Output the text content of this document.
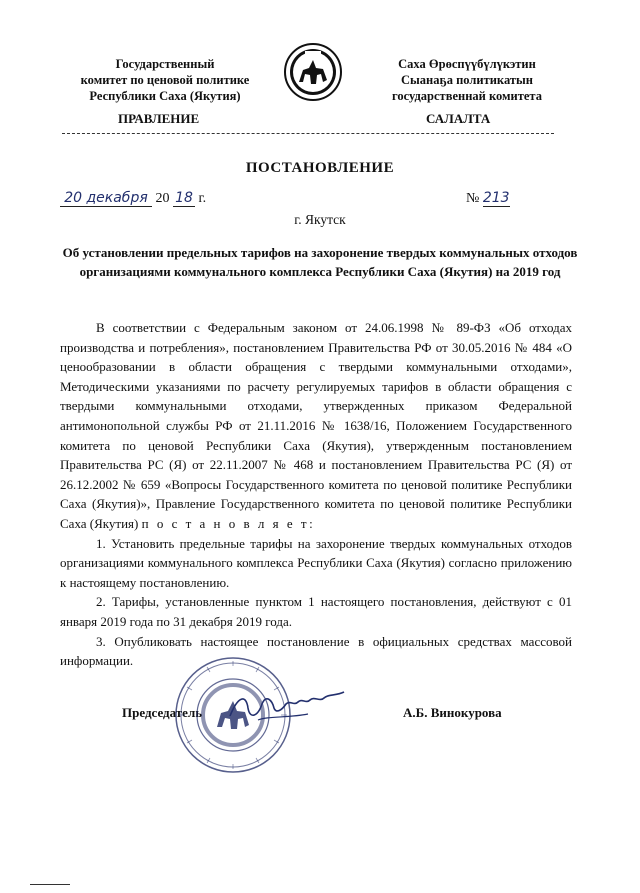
Государственный
комитет по ценовой политике
Республики Саха (Якутия)
Саха Өрөспүүбүлүкэтин
Сыанаҕа политикатын
государственнай комитета
ПРАВЛЕНИЕ	САЛАЛТА
ПОСТАНОВЛЕНИЕ
20 декабря 20 18 г.	№ 213
г. Якутск
Об установлении предельных тарифов на захоронение твердых коммунальных отходов организациями коммунального комплекса Республики Саха (Якутия) на 2019 год

В соответствии с Федеральным законом от 24.06.1998 № 89-ФЗ «Об отходах производства и потребления», постановлением Правительства РФ от 30.05.2016 № 484 «О ценообразовании в области обращения с твердыми коммунальными отходами», Методическими указаниями по расчету регулируемых тарифов в области обращения с твердыми коммунальными отходами, утвержденных приказом Федеральной антимонопольной службы РФ от 21.11.2016 № 1638/16, Положением Государственного комитета по ценовой Республики Саха (Якутия), утвержденным постановлением Правительства РС (Я) от 22.11.2007 № 468 и постановлением Правительства РС (Я) от 26.12.2002 № 659 «Вопросы Государственного комитета по ценовой политике Республики Саха (Якутия)», Правление Государственного комитета по ценовой политике Республики Саха (Якутия) п о с т а н о в л я е т:

1. Установить предельные тарифы на захоронение твердых коммунальных отходов организациями коммунального комплекса Республики Саха (Якутия) согласно приложению к настоящему постановлению.

2. Тарифы, установленные пунктом 1 настоящего постановления, действуют с 01 января 2019 года по 31 декабря 2019 года.

3. Опубликовать настоящее постановление в официальных средствах массовой информации.

Председатель	А.Б. Винокурова
